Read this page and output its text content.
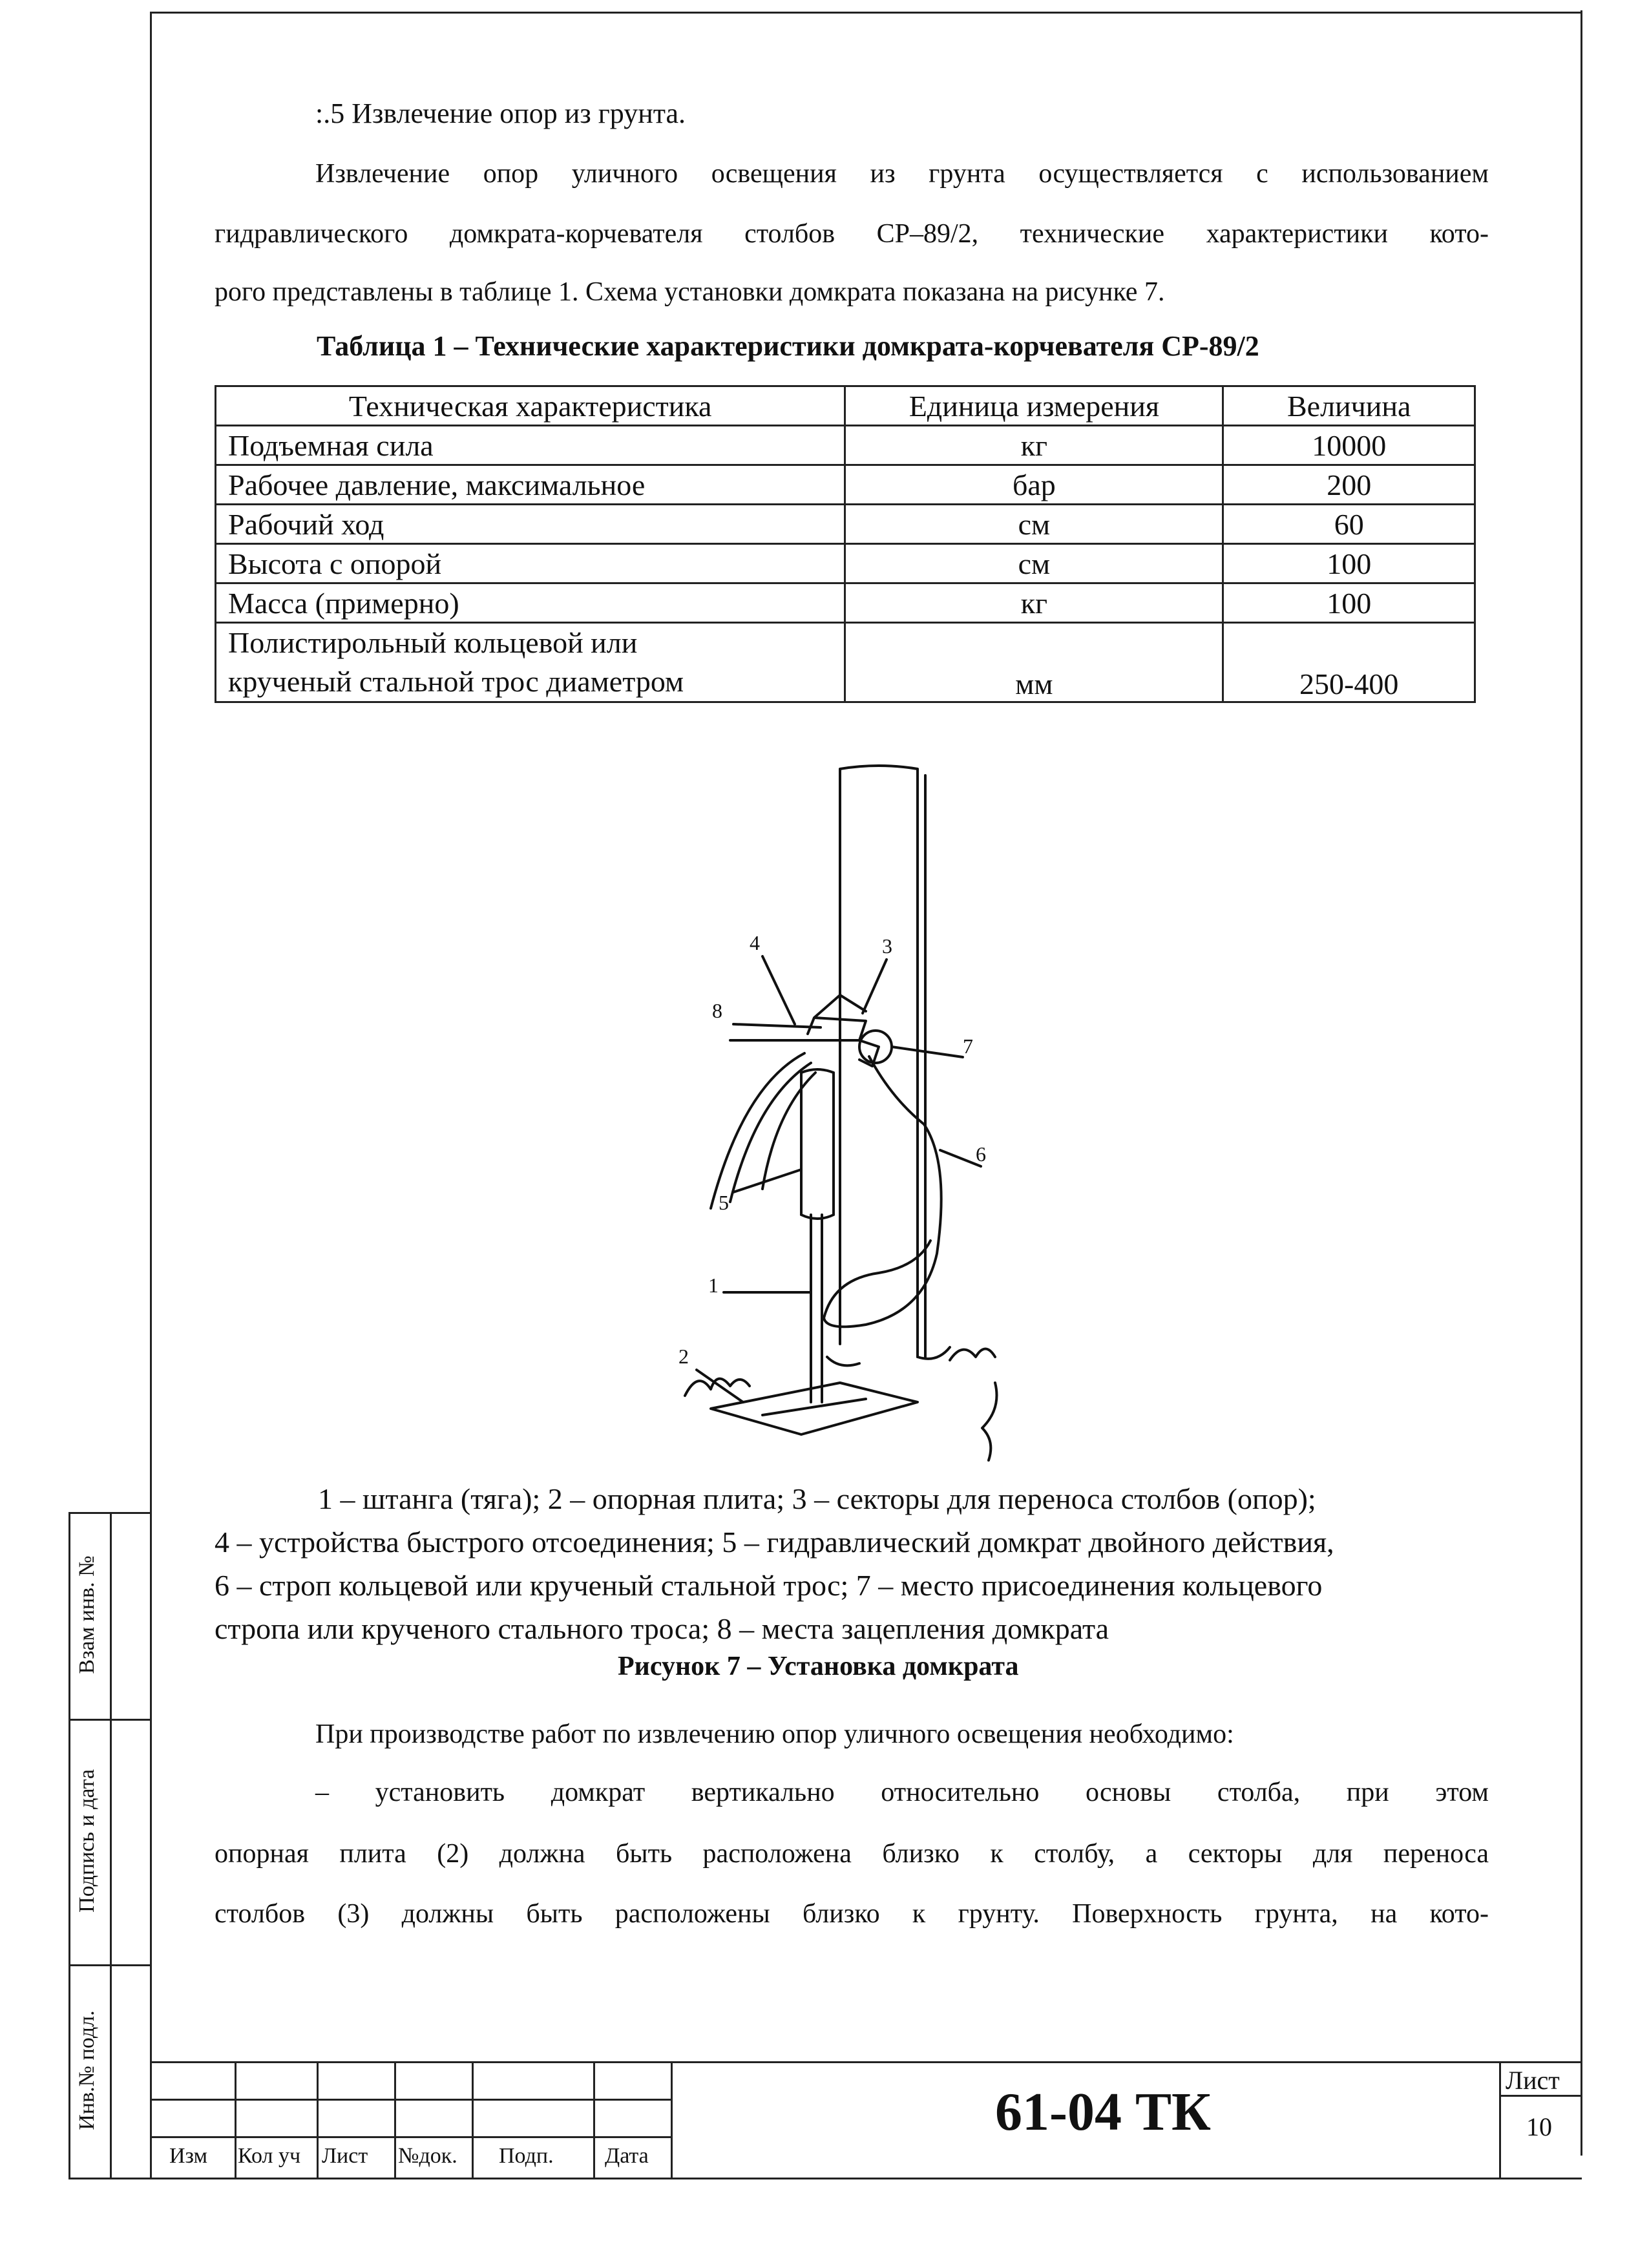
:.5 Извлечение опор из грунта.
Извлечение опор уличного освещения из грунта осуществляется с использованием
гидравлического домкрата-корчевателя столбов СР–89/2, технические характеристики кото-
рого представлены в таблице 1. Схема установки домкрата показана на рисунке 7.
Таблица 1 – Технические характеристики домкрата-корчевателя СР-89/2
Техническая характеристика	Единица измерения	Величина
Подъемная сила	кг	10000
Рабочее давление, максимальное	бар	200
Рабочий ход	см	60
Высота с опорой	см	100
Масса (примерно)	кг	100

Полистирольный кольцевой или
крученый стальной трос диаметром	мм	250-400
4	3
8
7
6
5
1
2
1 – штанга (тяга); 2 – опорная плита; 3 – секторы для переноса столбов (опор);
4 – устройства быстрого отсоединения; 5 – гидравлический домкрат двойного действия,
6 – строп кольцевой или крученый стальной трос; 7 – место присоединения кольцевого
стропа или крученого стального троса; 8 – места зацепления домкрата
Рисунок 7 – Установка домкрата
При производстве работ по извлечению опор уличного освещения необходимо:
– установить домкрат вертикально относительно основы столба, при этом
опорная плита (2) должна быть расположена близко к столбу, а секторы для переноса
столбов (3) должны быть расположены близко к грунту. Поверхность грунта, на кото-
Взам инв. №
Подпись и дата
Инв.№ подл.
Изм Кол уч Лист №док. Подп. Дата
61-04 ТК
Лист
10
